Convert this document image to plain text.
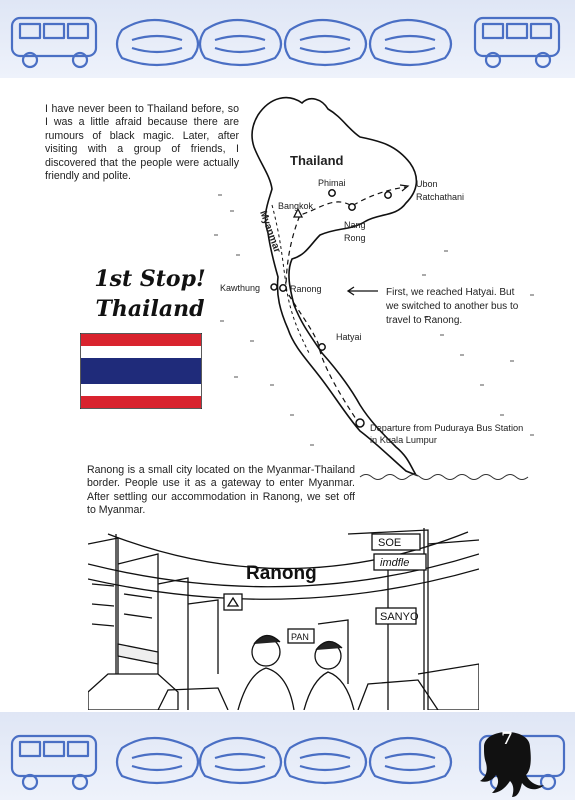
I have never been to Thailand before, so I was a little afraid because there are rumours of black magic. Later, after visiting with a group of friends, I discovered that the people were actually friendly and polite.

1st Stop!
Thailand
Thailand
Myanmar
Phimai	Ubon
Ratchathani
Bangkok
Nang
Rong
Kawthung	Ranong
Hatyai
First, we reached Hatyai. But
we switched to another bus to
travel to Ranong.
Departure from Puduraya Bus Station
in Kuala Lumpur

Ranong is a small city located on the Myanmar-Thailand border. People use it as a gateway to enter Myanmar. After settling our accommodation in Ranong, we set off to Myanmar.

SOE
imdfle
SANYO
PAN
Ranong
7
